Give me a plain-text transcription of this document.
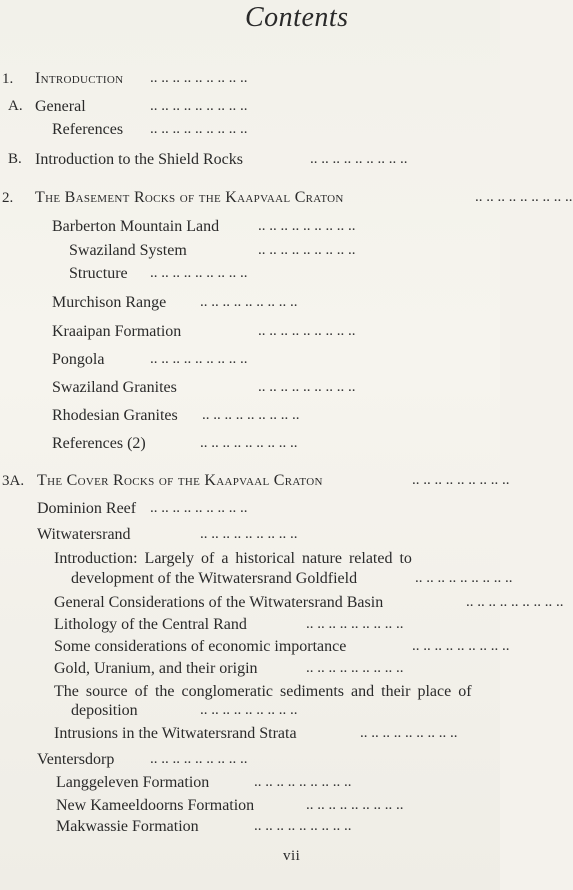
Contents
1. Introduction .. .. .. .. .. .. .. .. ..
A. General	.. .. .. .. .. .. .. .. ..
References .. .. .. .. .. .. .. .. ..
B. Introduction to the Shield Rocks	.. .. .. .. .. .. .. .. ..
2. The Basement Rocks of the Kaapvaal Craton	.. .. .. .. .. .. .. .. ..
Barberton Mountain Land	.. .. .. .. .. .. .. .. ..
Swaziland System	.. .. .. .. .. .. .. .. ..
Structure .. .. .. .. .. .. .. .. ..
Murchison Range .. .. .. .. .. .. .. .. ..
Kraaipan Formation	.. .. .. .. .. .. .. .. ..
Pongola	.. .. .. .. .. .. .. .. ..
Swaziland Granites	.. .. .. .. .. .. .. .. ..
Rhodesian Granites .. .. .. .. .. .. .. .. ..
References (2)	.. .. .. .. .. .. .. .. ..
3A. The Cover Rocks of the Kaapvaal Craton	.. .. .. .. .. .. .. .. ..
Dominion Reef .. .. .. .. .. .. .. .. ..
Witwatersrand	.. .. .. .. .. .. .. .. ..
Introduction: Largely of a historical nature related to
development of the Witwatersrand Goldfield	.. .. .. .. .. .. .. .. ..
General Considerations of the Witwatersrand Basin	.. .. .. .. .. .. .. .. ..
Lithology of the Central Rand	.. .. .. .. .. .. .. .. ..
Some considerations of economic importance	.. .. .. .. .. .. .. .. ..
Gold, Uranium, and their origin	.. .. .. .. .. .. .. .. ..
The source of the conglomeratic sediments and their place of
deposition	.. .. .. .. .. .. .. .. ..
Intrusions in the Witwatersrand Strata	.. .. .. .. .. .. .. .. ..
Ventersdorp .. .. .. .. .. .. .. .. ..
Langgeleven Formation	.. .. .. .. .. .. .. .. ..
New Kameeldoorns Formation	.. .. .. .. .. .. .. .. ..
Makwassie Formation	.. .. .. .. .. .. .. .. ..
vii
